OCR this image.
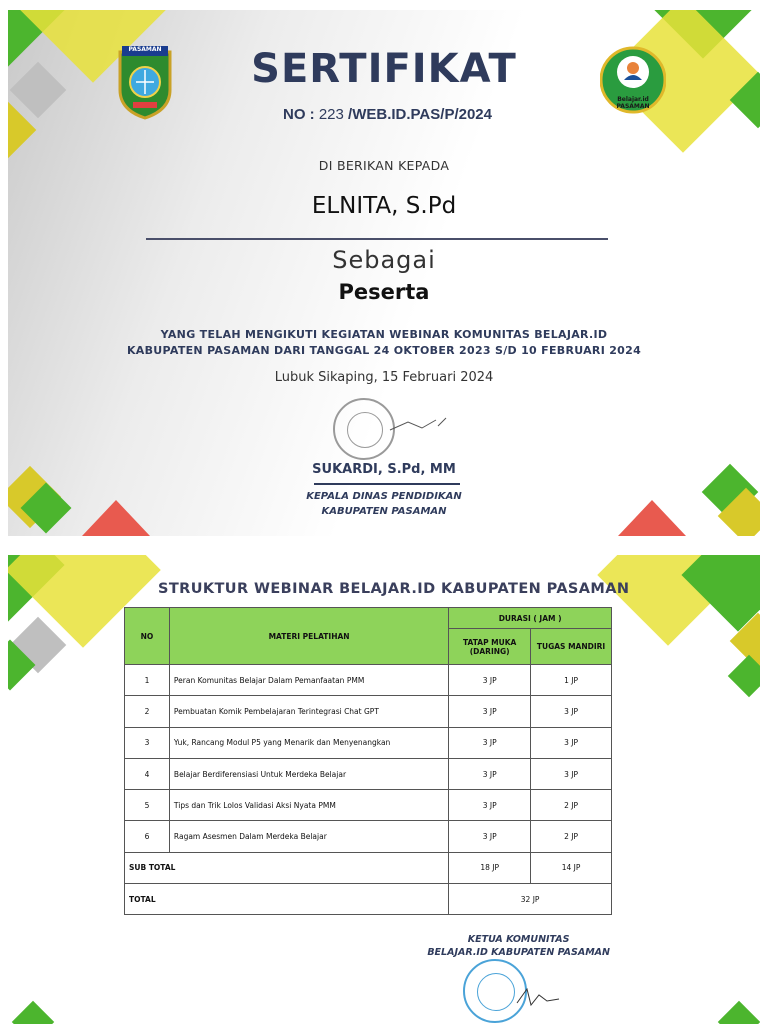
PASAMAN
Belajar.id PASAMAN
SERTIFIKAT
NO : 223 /WEB.ID.PAS/P/2024
DI BERIKAN KEPADA
ELNITA, S.Pd
Sebagai
Peserta
YANG TELAH MENGIKUTI KEGIATAN WEBINAR KOMUNITAS BELAJAR.ID
KABUPATEN PASAMAN DARI TANGGAL 24 OKTOBER 2023 S/D 10 FEBRUARI 2024
Lubuk Sikaping, 15 Februari 2024
SUKARDI, S.Pd, MM
KEPALA DINAS PENDIDIKAN
KABUPATEN PASAMAN
STRUKTUR WEBINAR BELAJAR.ID KABUPATEN PASAMAN
NO	MATERI PELATIHAN	DURASI ( JAM )	
		TATAP MUKA (DARING)	TUGAS MANDIRI
1	Peran Komunitas Belajar Dalam Pemanfaatan PMM	3 JP	1 JP
2	Pembuatan Komik Pembelajaran Terintegrasi Chat GPT	3 JP	3 JP
3	Yuk, Rancang Modul P5 yang Menarik dan Menyenangkan	3 JP	3 JP
4	Belajar Berdiferensiasi Untuk Merdeka Belajar	3 JP	3 JP
5	Tips dan Trik Lolos Validasi Aksi Nyata PMM	3 JP	2 JP
6	Ragam Asesmen Dalam Merdeka Belajar	3 JP	2 JP
SUB TOTAL		18 JP	14 JP
TOTAL		32 JP	
KETUA KOMUNITAS
BELAJAR.ID KABUPATEN PASAMAN
